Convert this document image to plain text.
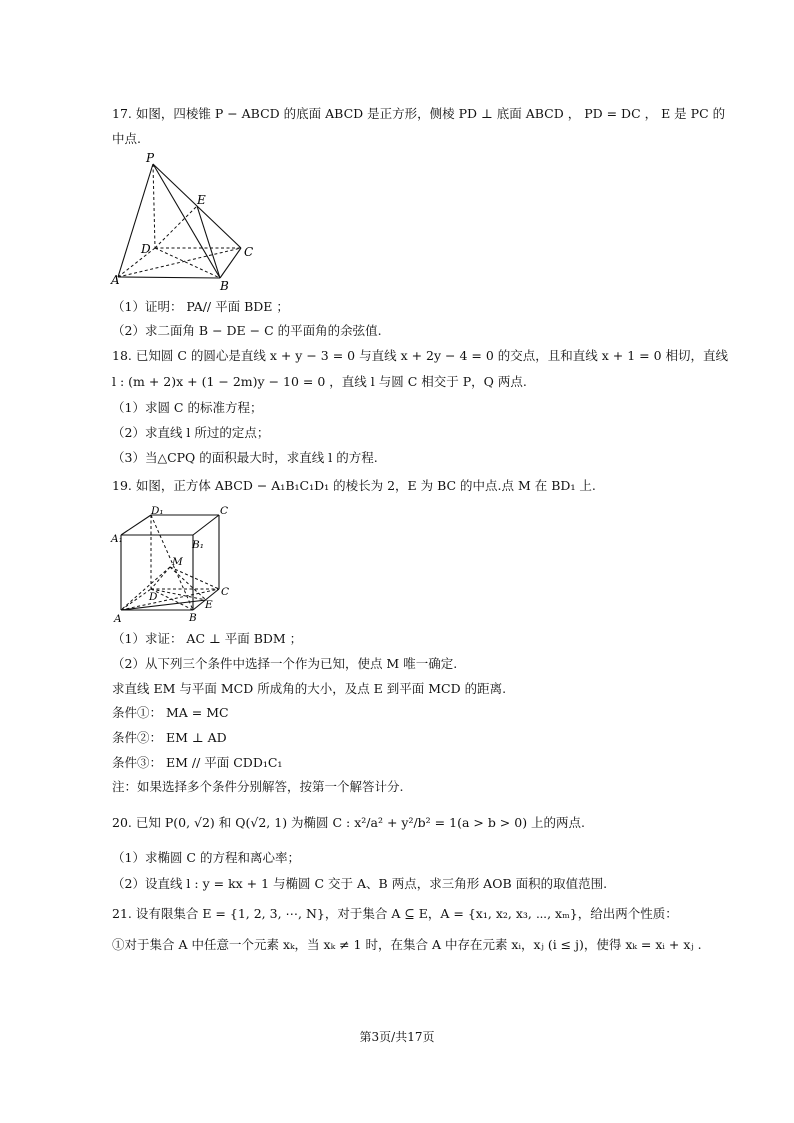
17. 如图，四棱锥 P − ABCD 的底面 ABCD 是正方形，侧棱 PD ⊥ 底面 ABCD ， PD = DC ， E 是 PC 的
中点.
P
E
D	C
A	B
（1）证明： PA// 平面 BDE ；
（2）求二面角 B − DE − C 的平面角的余弦值.
18. 已知圆 C 的圆心是直线 x + y − 3 = 0 与直线 x + 2y − 4 = 0 的交点，且和直线 x + 1 = 0 相切，直线
l : (m + 2)x + (1 − 2m)y − 10 = 0 ，直线 l 与圆 C 相交于 P，Q 两点.
（1）求圆 C 的标准方程；
（2）求直线 l 所过的定点；
（3）当△CPQ 的面积最大时，求直线 l 的方程.
19. 如图，正方体 ABCD − A₁B₁C₁D₁ 的棱长为 2，E 为 BC 的中点.点 M 在 BD₁ 上.
D₁	C
A₁	B₁
M
D	C
A	B
E
（1）求证： AC ⊥ 平面 BDM ；
（2）从下列三个条件中选择一个作为已知，使点 M 唯一确定.
求直线 EM 与平面 MCD 所成角的大小，及点 E 到平面 MCD 的距离.
条件①： MA = MC
条件②： EM ⊥ AD
条件③： EM // 平面 CDD₁C₁
注：如果选择多个条件分别解答，按第一个解答计分.
20. 已知 P(0, √2) 和 Q(√2, 1) 为椭圆 C : x²/a² + y²/b² = 1(a > b > 0) 上的两点.
（1）求椭圆 C 的方程和离心率；
（2）设直线 l : y = kx + 1 与椭圆 C 交于 A、B 两点，求三角形 AOB 面积的取值范围.
21. 设有限集合 E = {1, 2, 3, ⋯, N}，对于集合 A ⊆ E，A = {x₁, x₂, x₃, ⋯, xₘ}，给出两个性质：
①对于集合 A 中任意一个元素 xₖ，当 xₖ ≠ 1 时，在集合 A 中存在元素 xᵢ，xⱼ (i ≤ j)，使得 xₖ = xᵢ + xⱼ .
第3页/共17页
